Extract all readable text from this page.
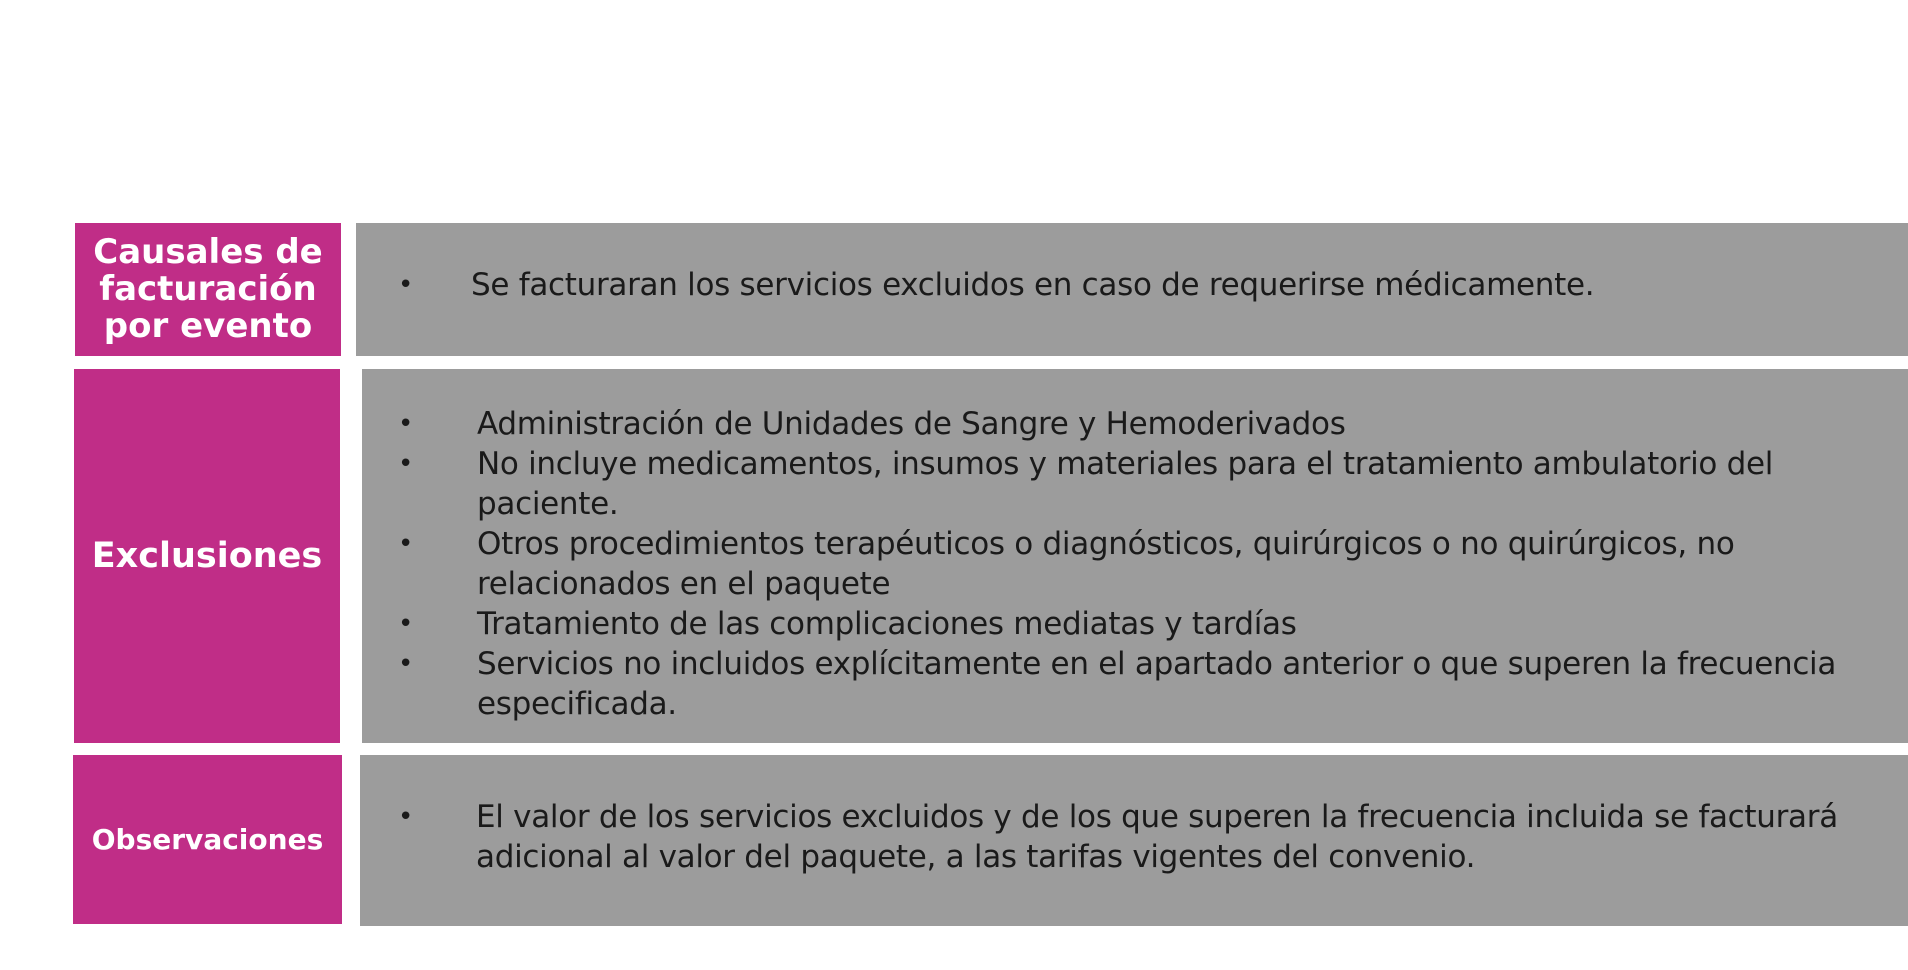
Causales de facturación por evento
• Se facturaran los servicios excluidos en caso de requerirse médicamente.
Exclusiones
• Administración de Unidades de Sangre y Hemoderivados
• No incluye medicamentos, insumos y materiales para el tratamiento ambulatorio del paciente.
• Otros procedimientos terapéuticos o diagnósticos, quirúrgicos o no quirúrgicos, no relacionados en el paquete
• Tratamiento de las complicaciones mediatas y tardías
• Servicios no incluidos explícitamente en el apartado anterior o que superen la frecuencia especificada.
Observaciones
• El valor de los servicios excluidos y de los que superen la frecuencia incluida se facturará adicional al valor del paquete, a las tarifas vigentes del convenio.
